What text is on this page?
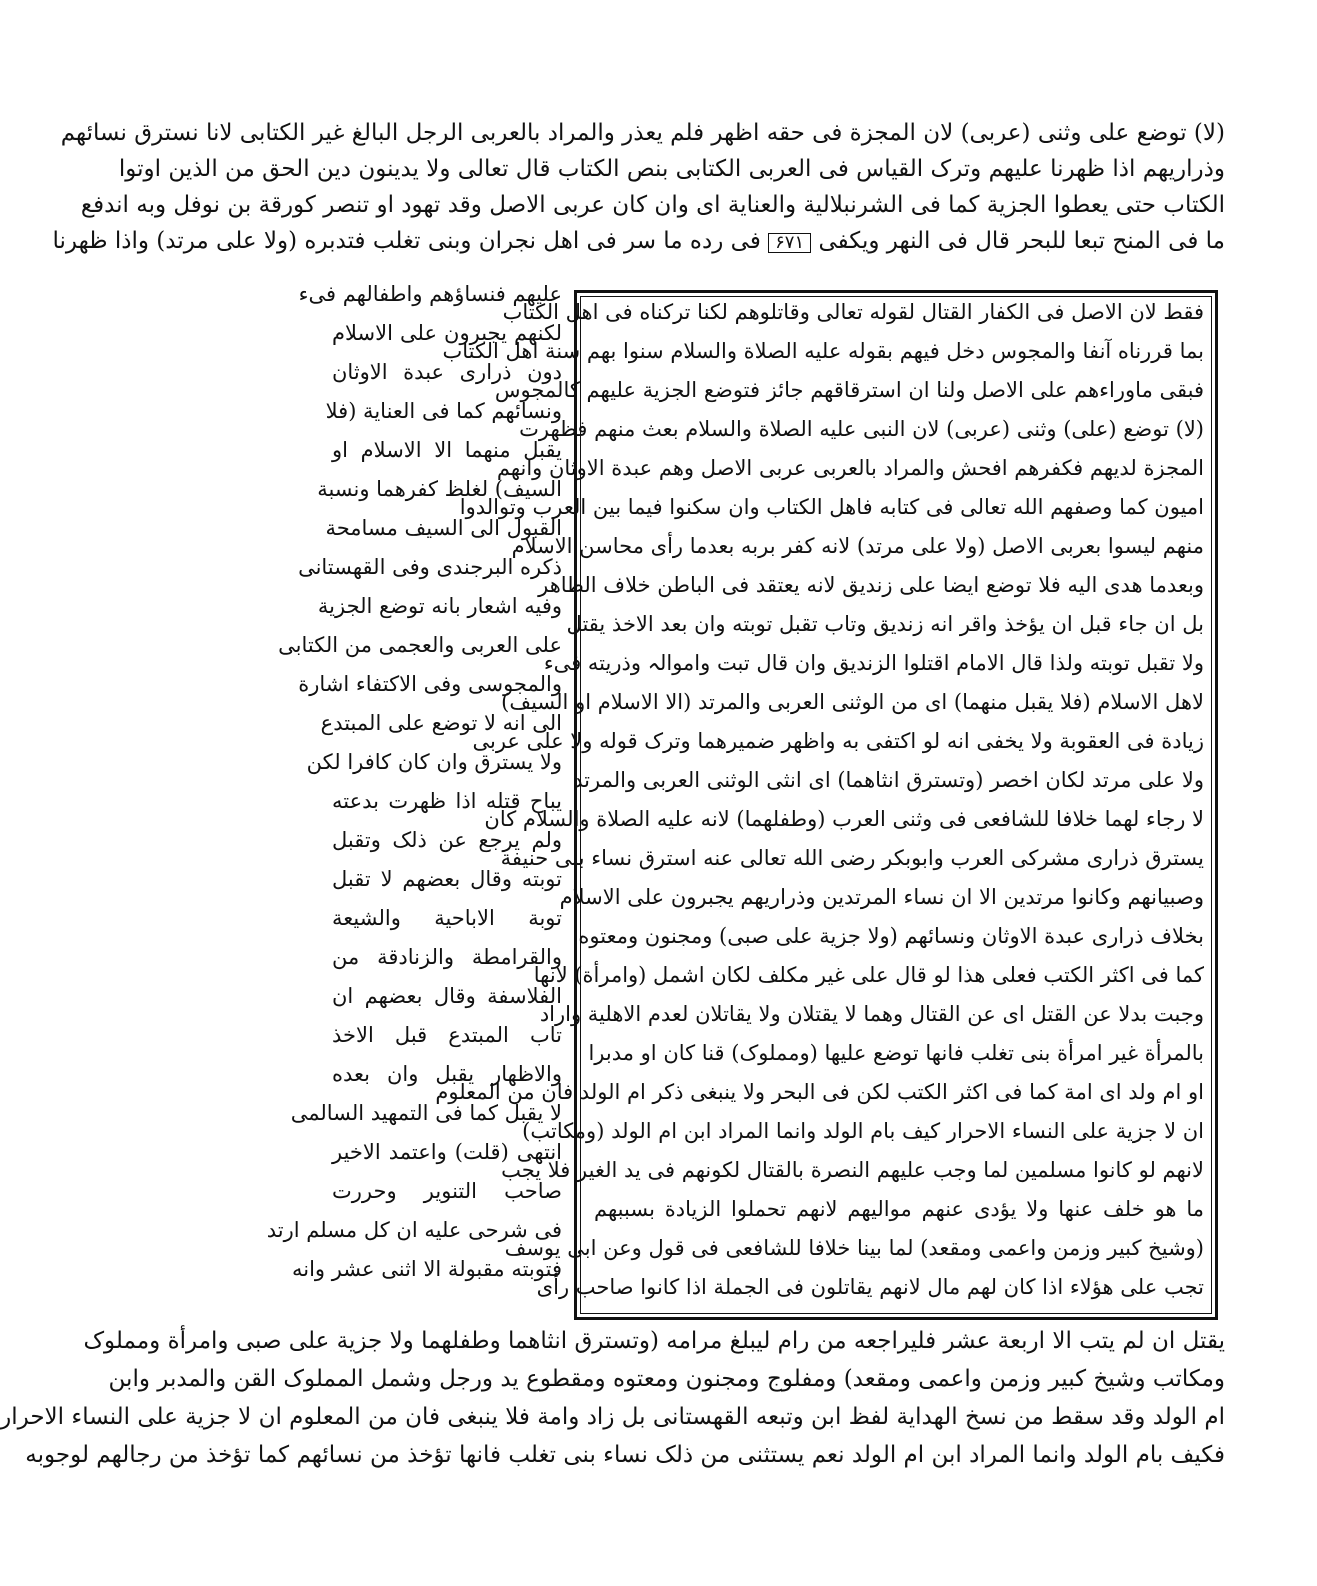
(لا) توضع على وثنی (عربی) لان المجزة فی حقه اظهر فلم یعذر والمراد بالعربی الرجل البالغ غیر الکتابی لانا نسترق نسائهم
وذراریهم اذا ظهرنا علیهم وترک القیاس فی العربی الکتابی بنص الکتاب قال تعالی ولا یدینون دین الحق من الذین اوتوا
الکتاب حتی یعطوا الجزیة کما فی الشرنبلالیة والعنایة ای وان کان عربی الاصل وقد تهود او تنصر کورقة بن نوفل وبه اندفع
ما فی المنح تبعا للبحر قال فی النهر ویکفی ۶۷۱ فی رده ما سر فی اهل نجران وبنی تغلب فتدبره (ولا علی مرتد) واذا ظهرنا
فقط لان الاصل فی الکفار القتال لقوله تعالی وقاتلوهم لکنا ترکناه فی اهل الکتاب
بما قررناه آنفا والمجوس دخل فیهم بقوله علیه الصلاة والسلام سنوا بهم سنة اهل الکتاب
فبقی ماوراءهم علی الاصل ولنا ان استرقاقهم جائز فتوضع الجزیة علیهم کالمجوس
(لا) توضع (علی) وثنی (عربی) لان النبی علیه الصلاة والسلام بعث منهم فظهرت
المجزة لدیهم فکفرهم افحش والمراد بالعربی عربی الاصل وهم عبدة الاوثان وانهم
امیون کما وصفهم الله تعالی فی کتابه فاهل الکتاب وان سکنوا فیما بین العرب وتوالدوا
منهم لیسوا بعربی الاصل (ولا علی مرتد) لانه کفر بربه بعدما رأی محاسن الاسلام
وبعدما هدی الیه فلا توضع ایضا علی زندیق لانه یعتقد فی الباطن خلاف الظاهر
بل ان جاء قبل ان یؤخذ واقر انه زندیق وتاب تقبل توبته وان بعد الاخذ یقتل
ولا تقبل توبته ولذا قال الامام اقتلوا الزندیق وان قال تبت واموالہ وذریته فیء
لاهل الاسلام (فلا یقبل منهما) ای من الوثنی العربی والمرتد (الا الاسلام او السیف)
زیادة فی العقوبة ولا یخفی انه لو اکتفی به واظهر ضمیرهما وترک قوله ولا علی عربی
ولا علی مرتد لکان اخصر (وتسترق انثاهما) ای انثی الوثنی العربی والمرتد
لا رجاء لهما خلافا للشافعی فی وثنی العرب (وطفلهما) لانه علیه الصلاة والسلام کان
یسترق ذراری مشرکی العرب وابوبکر رضی الله تعالی عنه استرق نساء بنی حنیفة
وصبیانهم وکانوا مرتدین الا ان نساء المرتدین وذراریهم یجبرون علی الاسلام
بخلاف ذراری عبدة الاوثان ونسائهم (ولا جزیة علی صبی) ومجنون ومعتوه
کما فی اکثر الکتب فعلی هذا لو قال علی غیر مکلف لکان اشمل (وامرأة) لانها
وجبت بدلا عن القتل ای عن القتال وهما لا یقتلان ولا یقاتلان لعدم الاهلیة واراد
بالمرأة غیر امرأة بنی تغلب فانها توضع علیها (ومملوک) قنا کان او مدبرا
او ام ولد ای امة کما فی اکثر الکتب لکن فی البحر ولا ینبغی ذکر ام الولد فان من المعلوم
ان لا جزیة علی النساء الاحرار کیف بام الولد وانما المراد ابن ام الولد (ومکاتب)
لانهم لو کانوا مسلمین لما وجب علیهم النصرة بالقتال لکونهم فی ید الغیر فلا یجب
ما هو خلف عنها ولا یؤدی عنهم موالیهم لانهم تحملوا الزیادة بسببهم
(وشیخ کبیر وزمن واعمی ومقعد) لما بینا خلافا للشافعی فی قول وعن ابی یوسف
تجب علی هؤلاء اذا کان لهم مال لانهم یقاتلون فی الجملة اذا کانوا صاحب رأی
علیهم فنساؤهم واطفالهم فیء
لکنهم یجبرون علی الاسلام
دون ذراری عبدة الاوثان
ونسائهم کما فی العنایة (فلا
یقبل منهما الا الاسلام او
السیف) لغلظ کفرهما ونسبة
القبول الی السیف مسامحة
ذکره البرجندی وفی القهستانی
وفیه اشعار بانه توضع الجزیة
علی العربی والعجمی من الکتابی
والمجوسی وفی الاکتفاء اشارة
الی انه لا توضع علی المبتدع
ولا یسترق وان کان کافرا لکن
یباح قتله اذا ظهرت بدعته
ولم یرجع عن ذلک وتقبل
توبته وقال بعضهم لا تقبل
توبة الاباحیة والشیعة
والقرامطة والزنادقة من
الفلاسفة وقال بعضهم ان
تاب المبتدع قبل الاخذ
والاظهار یقبل وان بعده
لا یقبل کما فی التمهید السالمی
انتهی (قلت) واعتمد الاخیر
صاحب التنویر وحررت
فی شرحی علیه ان کل مسلم ارتد
فتوبته مقبولة الا اثنی عشر وانه
یقتل ان لم یتب الا اربعة عشر فلیراجعه من رام لیبلغ مرامه (وتسترق انثاهما وطفلهما ولا جزیة علی صبی وامرأة ومملوک
ومکاتب وشیخ کبیر وزمن واعمی ومقعد) ومفلوج ومجنون ومعتوه ومقطوع ید ورجل وشمل المملوک القن والمدبر وابن
ام الولد وقد سقط من نسخ الهدایة لفظ ابن وتبعه القهستانی بل زاد وامة فلا ینبغی فان من المعلوم ان لا جزیة علی النساء الاحرار
فکیف بام الولد وانما المراد ابن ام الولد نعم یستثنی من ذلک نساء بنی تغلب فانها تؤخذ من نسائهم کما تؤخذ من رجالهم لوجوبه
